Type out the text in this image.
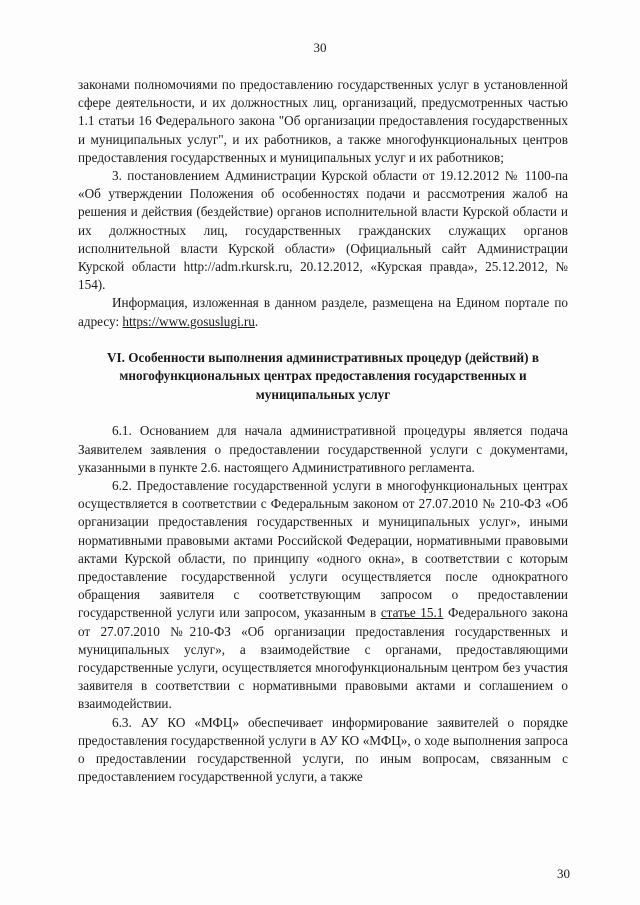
30

законами полномочиями по предоставлению государственных услуг в установленной сфере деятельности, и их должностных лиц, организаций, предусмотренных частью 1.1 статьи 16 Федерального закона "Об организации предоставления государственных и муниципальных услуг", и их работников, а также многофункциональных центров предоставления государственных и муниципальных услуг и их работников;

3. постановлением Администрации Курской области от 19.12.2012 № 1100-па «Об утверждении Положения об особенностях подачи и рассмотрения жалоб на решения и действия (бездействие) органов исполнительной власти Курской области и их должностных лиц, государственных гражданских служащих органов исполнительной власти Курской области» (Официальный сайт Администрации Курской области http://adm.rkursk.ru, 20.12.2012, «Курская правда», 25.12.2012, № 154).

Информация, изложенная в данном разделе, размещена на Едином портале по адресу: https://www.gosuslugi.ru.

VI. Особенности выполнения административных процедур (действий) в многофункциональных центрах предоставления государственных и муниципальных услуг

6.1. Основанием для начала административной процедуры является подача Заявителем заявления о предоставлении государственной услуги с документами, указанными в пункте 2.6. настоящего Административного регламента.

6.2. Предоставление государственной услуги в многофункциональных центрах осуществляется в соответствии с Федеральным законом от 27.07.2010 № 210-ФЗ «Об организации предоставления государственных и муниципальных услуг», иными нормативными правовыми актами Российской Федерации, нормативными правовыми актами Курской области, по принципу «одного окна», в соответствии с которым предоставление государственной услуги осуществляется после однократного обращения заявителя с соответствующим запросом о предоставлении государственной услуги или запросом, указанным в статье 15.1 Федерального закона от 27.07.2010 №210-ФЗ «Об организации предоставления государственных и муниципальных услуг», а взаимодействие с органами, предоставляющими государственные услуги, осуществляется многофункциональным центром без участия заявителя в соответствии с нормативными правовыми актами и соглашением о взаимодействии.

6.3. АУ КО «МФЦ» обеспечивает информирование заявителей о порядке предоставления государственной услуги в АУ КО «МФЦ», о ходе выполнения запроса о предоставлении государственной услуги, по иным вопросам, связанным с предоставлением государственной услуги, а также

30
